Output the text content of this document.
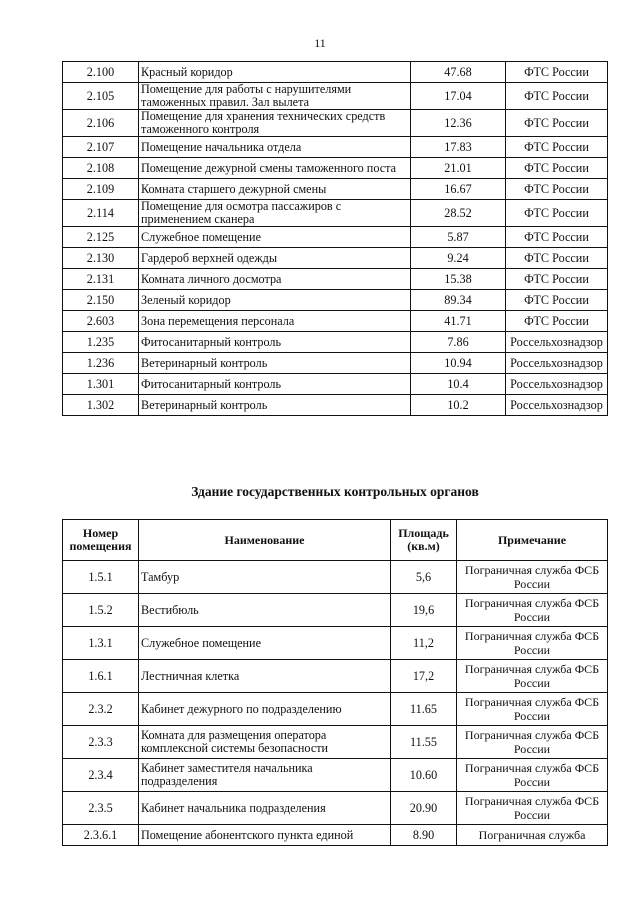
11
2.100	Красный коридор	47.68	ФТС России
2.105	Помещение для работы с нарушителями таможенных правил. Зал вылета	17.04	ФТС России
2.106	Помещение для хранения технических средств таможенного контроля	12.36	ФТС России
2.107	Помещение начальника отдела	17.83	ФТС России
2.108	Помещение дежурной смены таможенного поста	21.01	ФТС России
2.109	Комната старшего дежурной смены	16.67	ФТС России
2.114	Помещение для осмотра пассажиров с применением сканера	28.52	ФТС России
2.125	Служебное помещение	5.87	ФТС России
2.130	Гардероб верхней одежды	9.24	ФТС России
2.131	Комната личного досмотра	15.38	ФТС России
2.150	Зеленый коридор	89.34	ФТС России
2.603	Зона перемещения персонала	41.71	ФТС России
1.235	Фитосанитарный контроль	7.86	Россельхознадзор
1.236	Ветеринарный контроль	10.94	Россельхознадзор
1.301	Фитосанитарный контроль	10.4	Россельхознадзор
1.302	Ветеринарный контроль	10.2	Россельхознадзор
Здание государственных контрольных органов
Номер помещения	Наименование	Площадь (кв.м)	Примечание
1.5.1	Тамбур	5,6	Пограничная служба ФСБ России
1.5.2	Вестибюль	19,6	Пограничная служба ФСБ России
1.3.1	Служебное помещение	11,2	Пограничная служба ФСБ России
1.6.1	Лестничная клетка	17,2	Пограничная служба ФСБ России
2.3.2	Кабинет дежурного по подразделению	11.65	Пограничная служба ФСБ России
2.3.3	Комната для размещения оператора комплексной системы безопасности	11.55	Пограничная служба ФСБ России
2.3.4	Кабинет заместителя начальника подразделения	10.60	Пограничная служба ФСБ России
2.3.5	Кабинет начальника подразделения	20.90	Пограничная служба ФСБ России
2.3.6.1	Помещение абонентского пункта единой	8.90	Пограничная служба
